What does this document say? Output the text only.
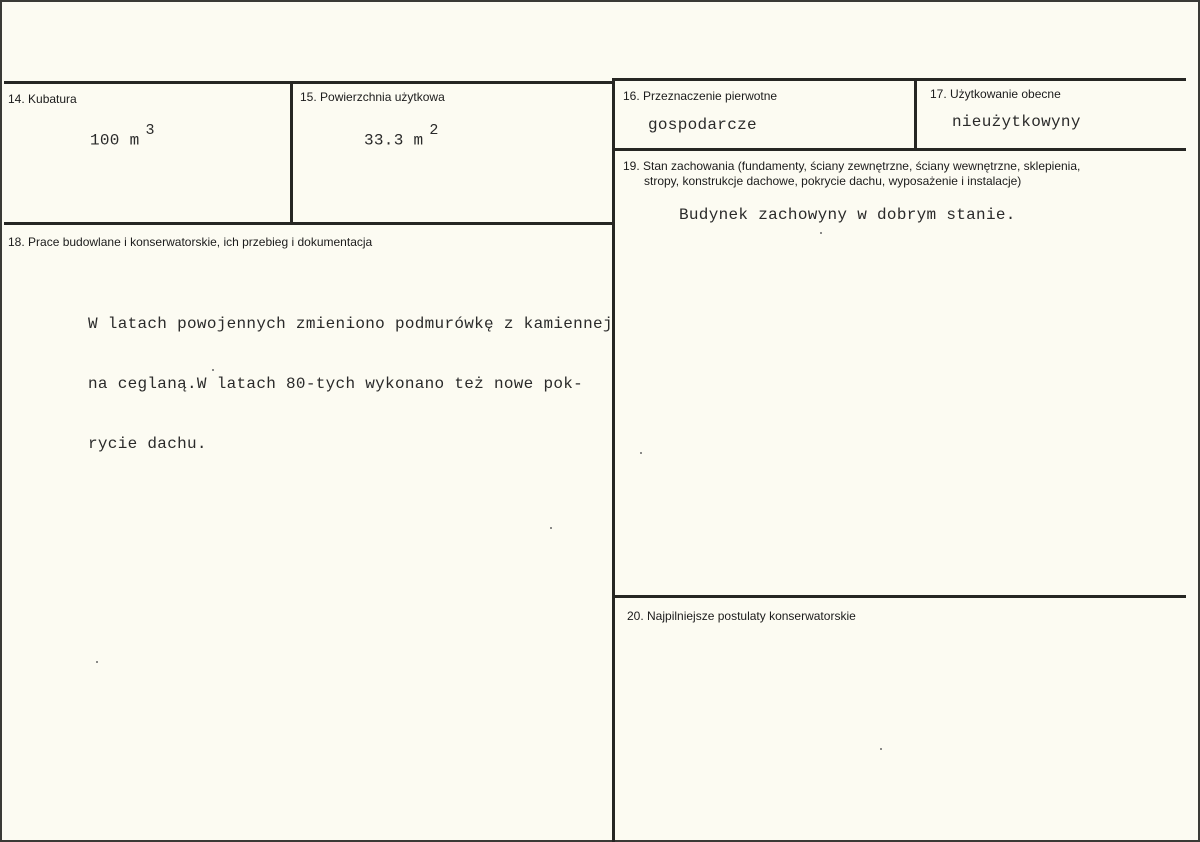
14. Kubatura
100 $m^3$
15. Powierzchnia użytkowa
33.3 $m^2$
16. Przeznaczenie pierwotne
gospodarcze
17. Użytkowanie obecne
nieużytkowyny
18. Prace budowlane i konserwatorskie, ich przebieg i dokumentacja

W latach powojennych zmieniono podmurówkę z kamiennej

na ceglaną.W latach 80-tych wykonano też nowe pok-

rycie dachu.

19. Stan zachowania (fundamenty, ściany zewnętrzne, ściany wewnętrzne, sklepienia,
stropy, konstrukcje dachowe, pokrycie dachu, wyposażenie i instalacje)
Budynek zachowyny w dobrym stanie.
20. Najpilniejsze postulaty konserwatorskie
